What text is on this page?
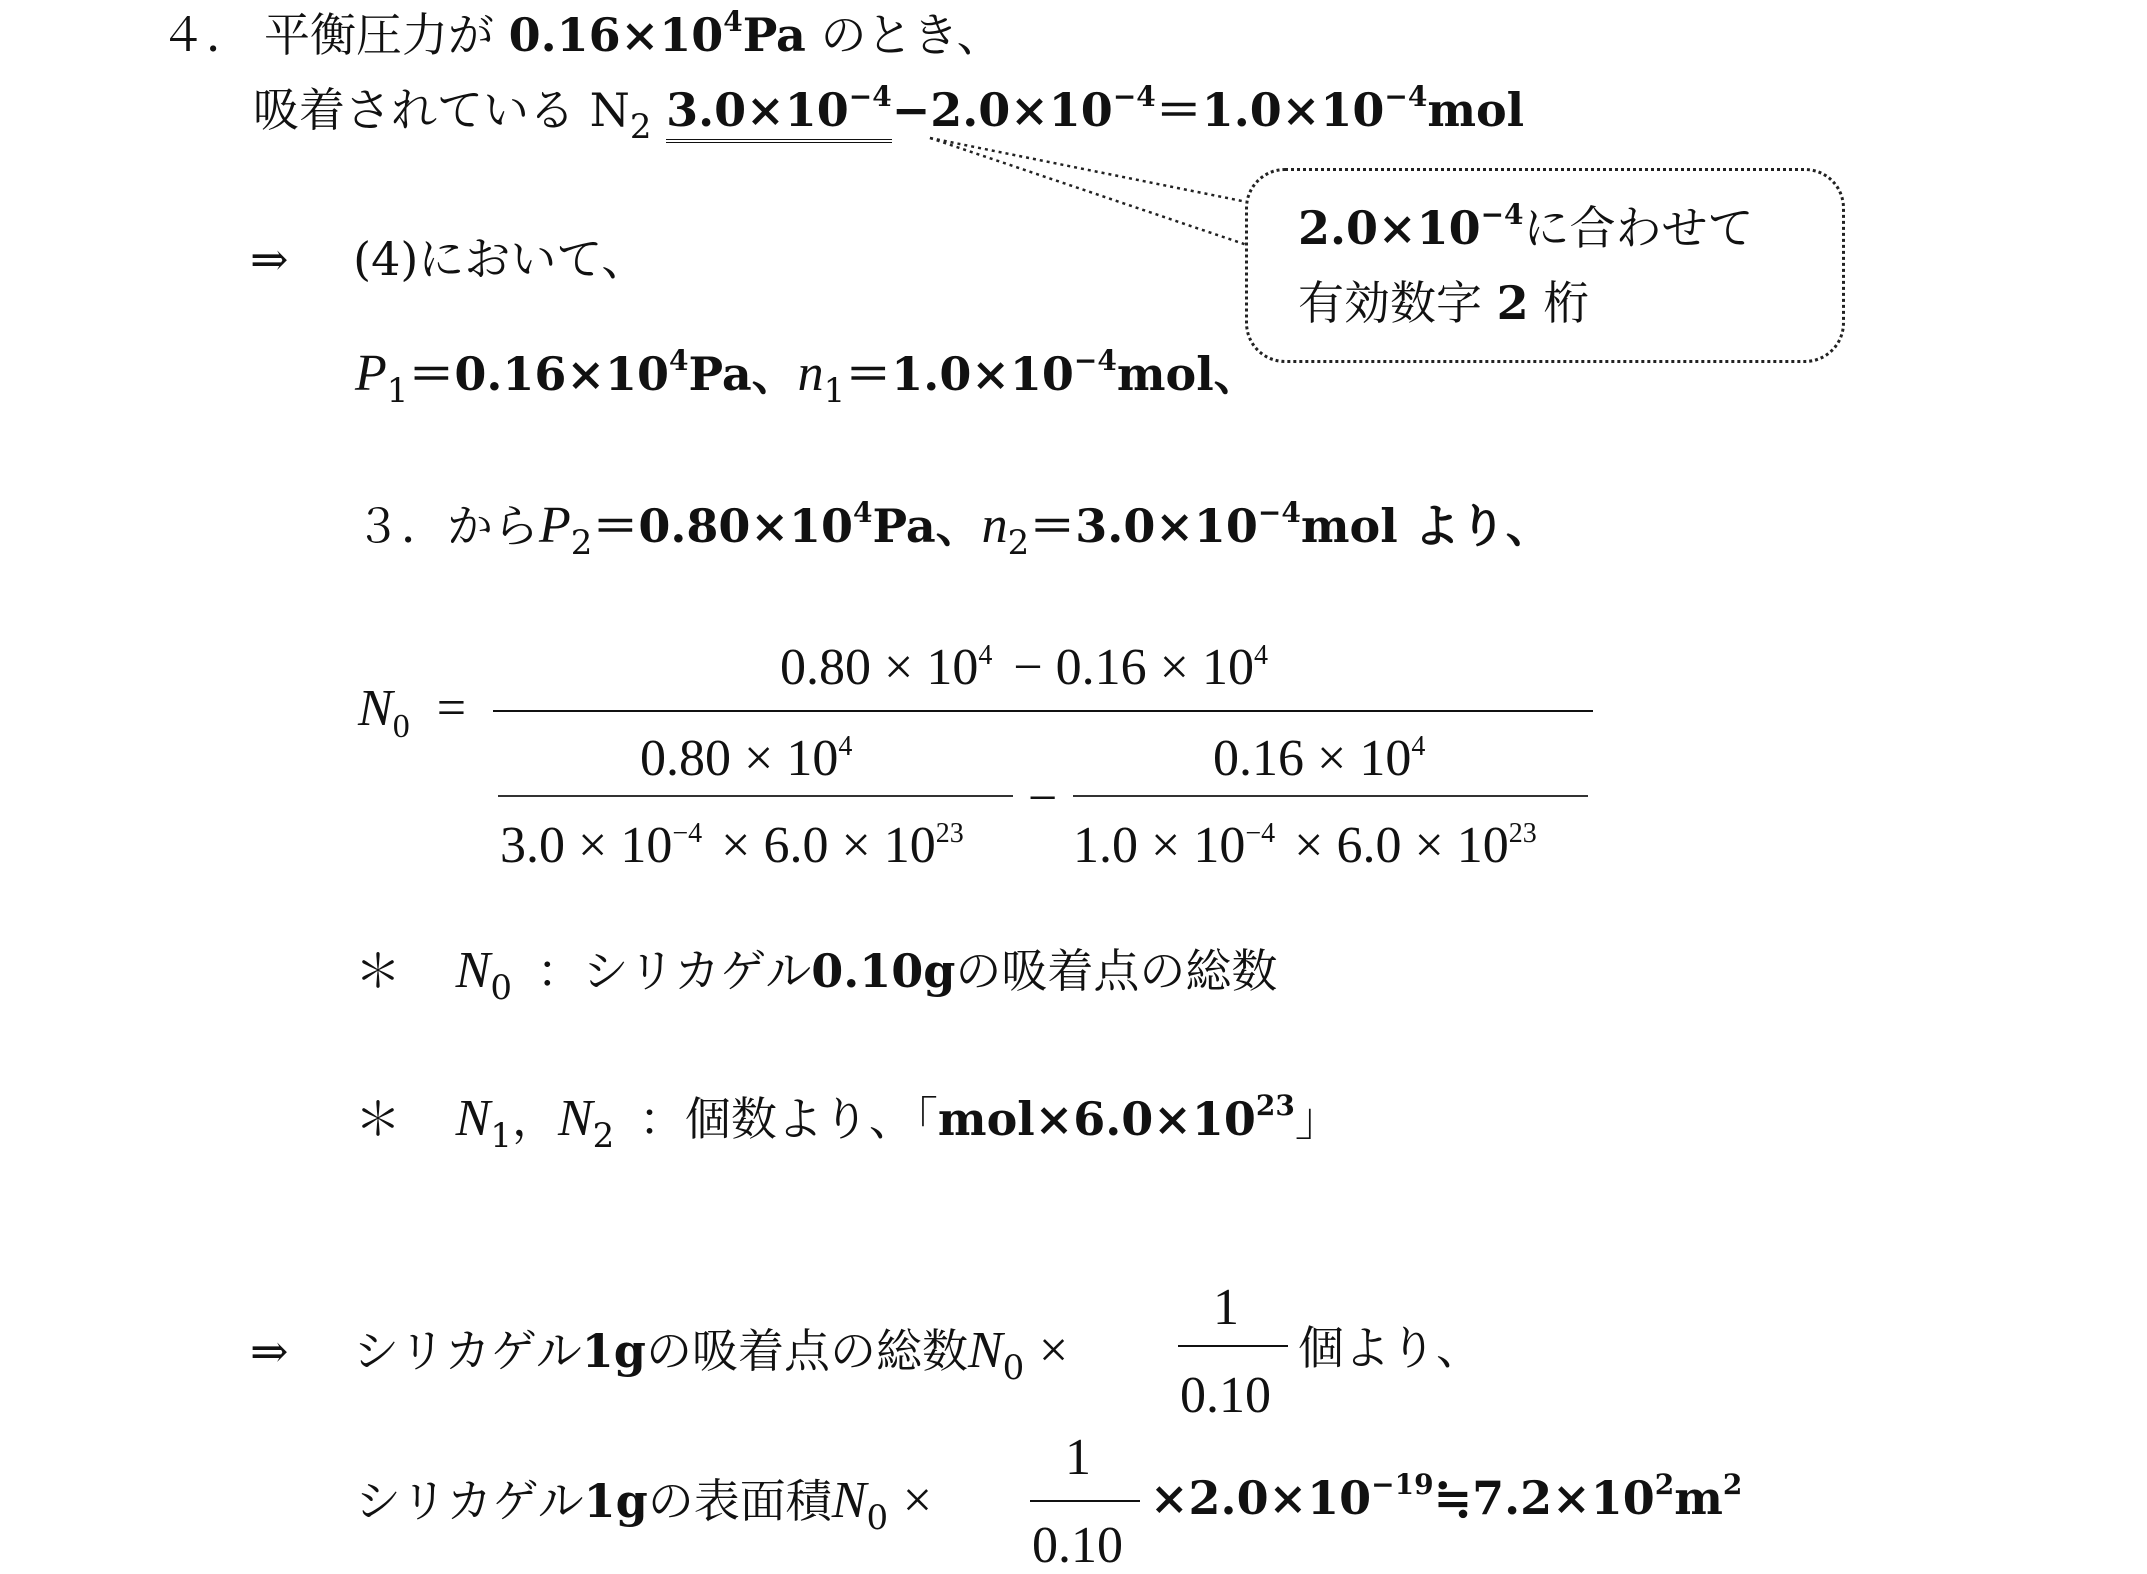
４． 平衡圧力が $0.16\times 10^4Pa$ のとき、
吸着されている $N_2$ $3.0\times 10^{-4}-2.0\times 10^{-4}=1.0\times 10^{-4}mol$
$2.0\times 10^{-4}$に合わせて
有効数字 2 桁
⇒ (4)において、
$P_1=0.16\times 10^4Pa$、$n_1=1.0\times 10^{-4}mol$、
３．から$P_2=0.80\times 10^4Pa$、$n_2=3.0\times 10^{-4}mol$ より、
$N_0$ =
$0.80 \times 10^4 - 0.16 \times 10^4$
$0.80 \times 10^4$
$3.0 \times 10^{-4} \times 6.0 \times 10^{23}$
−
$0.16 \times 10^4$
$1.0 \times 10^{-4} \times 6.0 \times 10^{23}$
＊ $N_0$ ：シリカゲル0.10gの吸着点の総数
＊ $N_1$，$N_2$ ：個数より、「$mol\times 6.0\times 10^{23}$」
⇒ シリカゲル1gの吸着点の総数$N_0$ ×
1
0.10
個より、
シリカゲル1gの表面積$N_0$ ×
1
0.10
$\times 2.0\times 10^{-19}≒7.2\times 10^2m^2$
